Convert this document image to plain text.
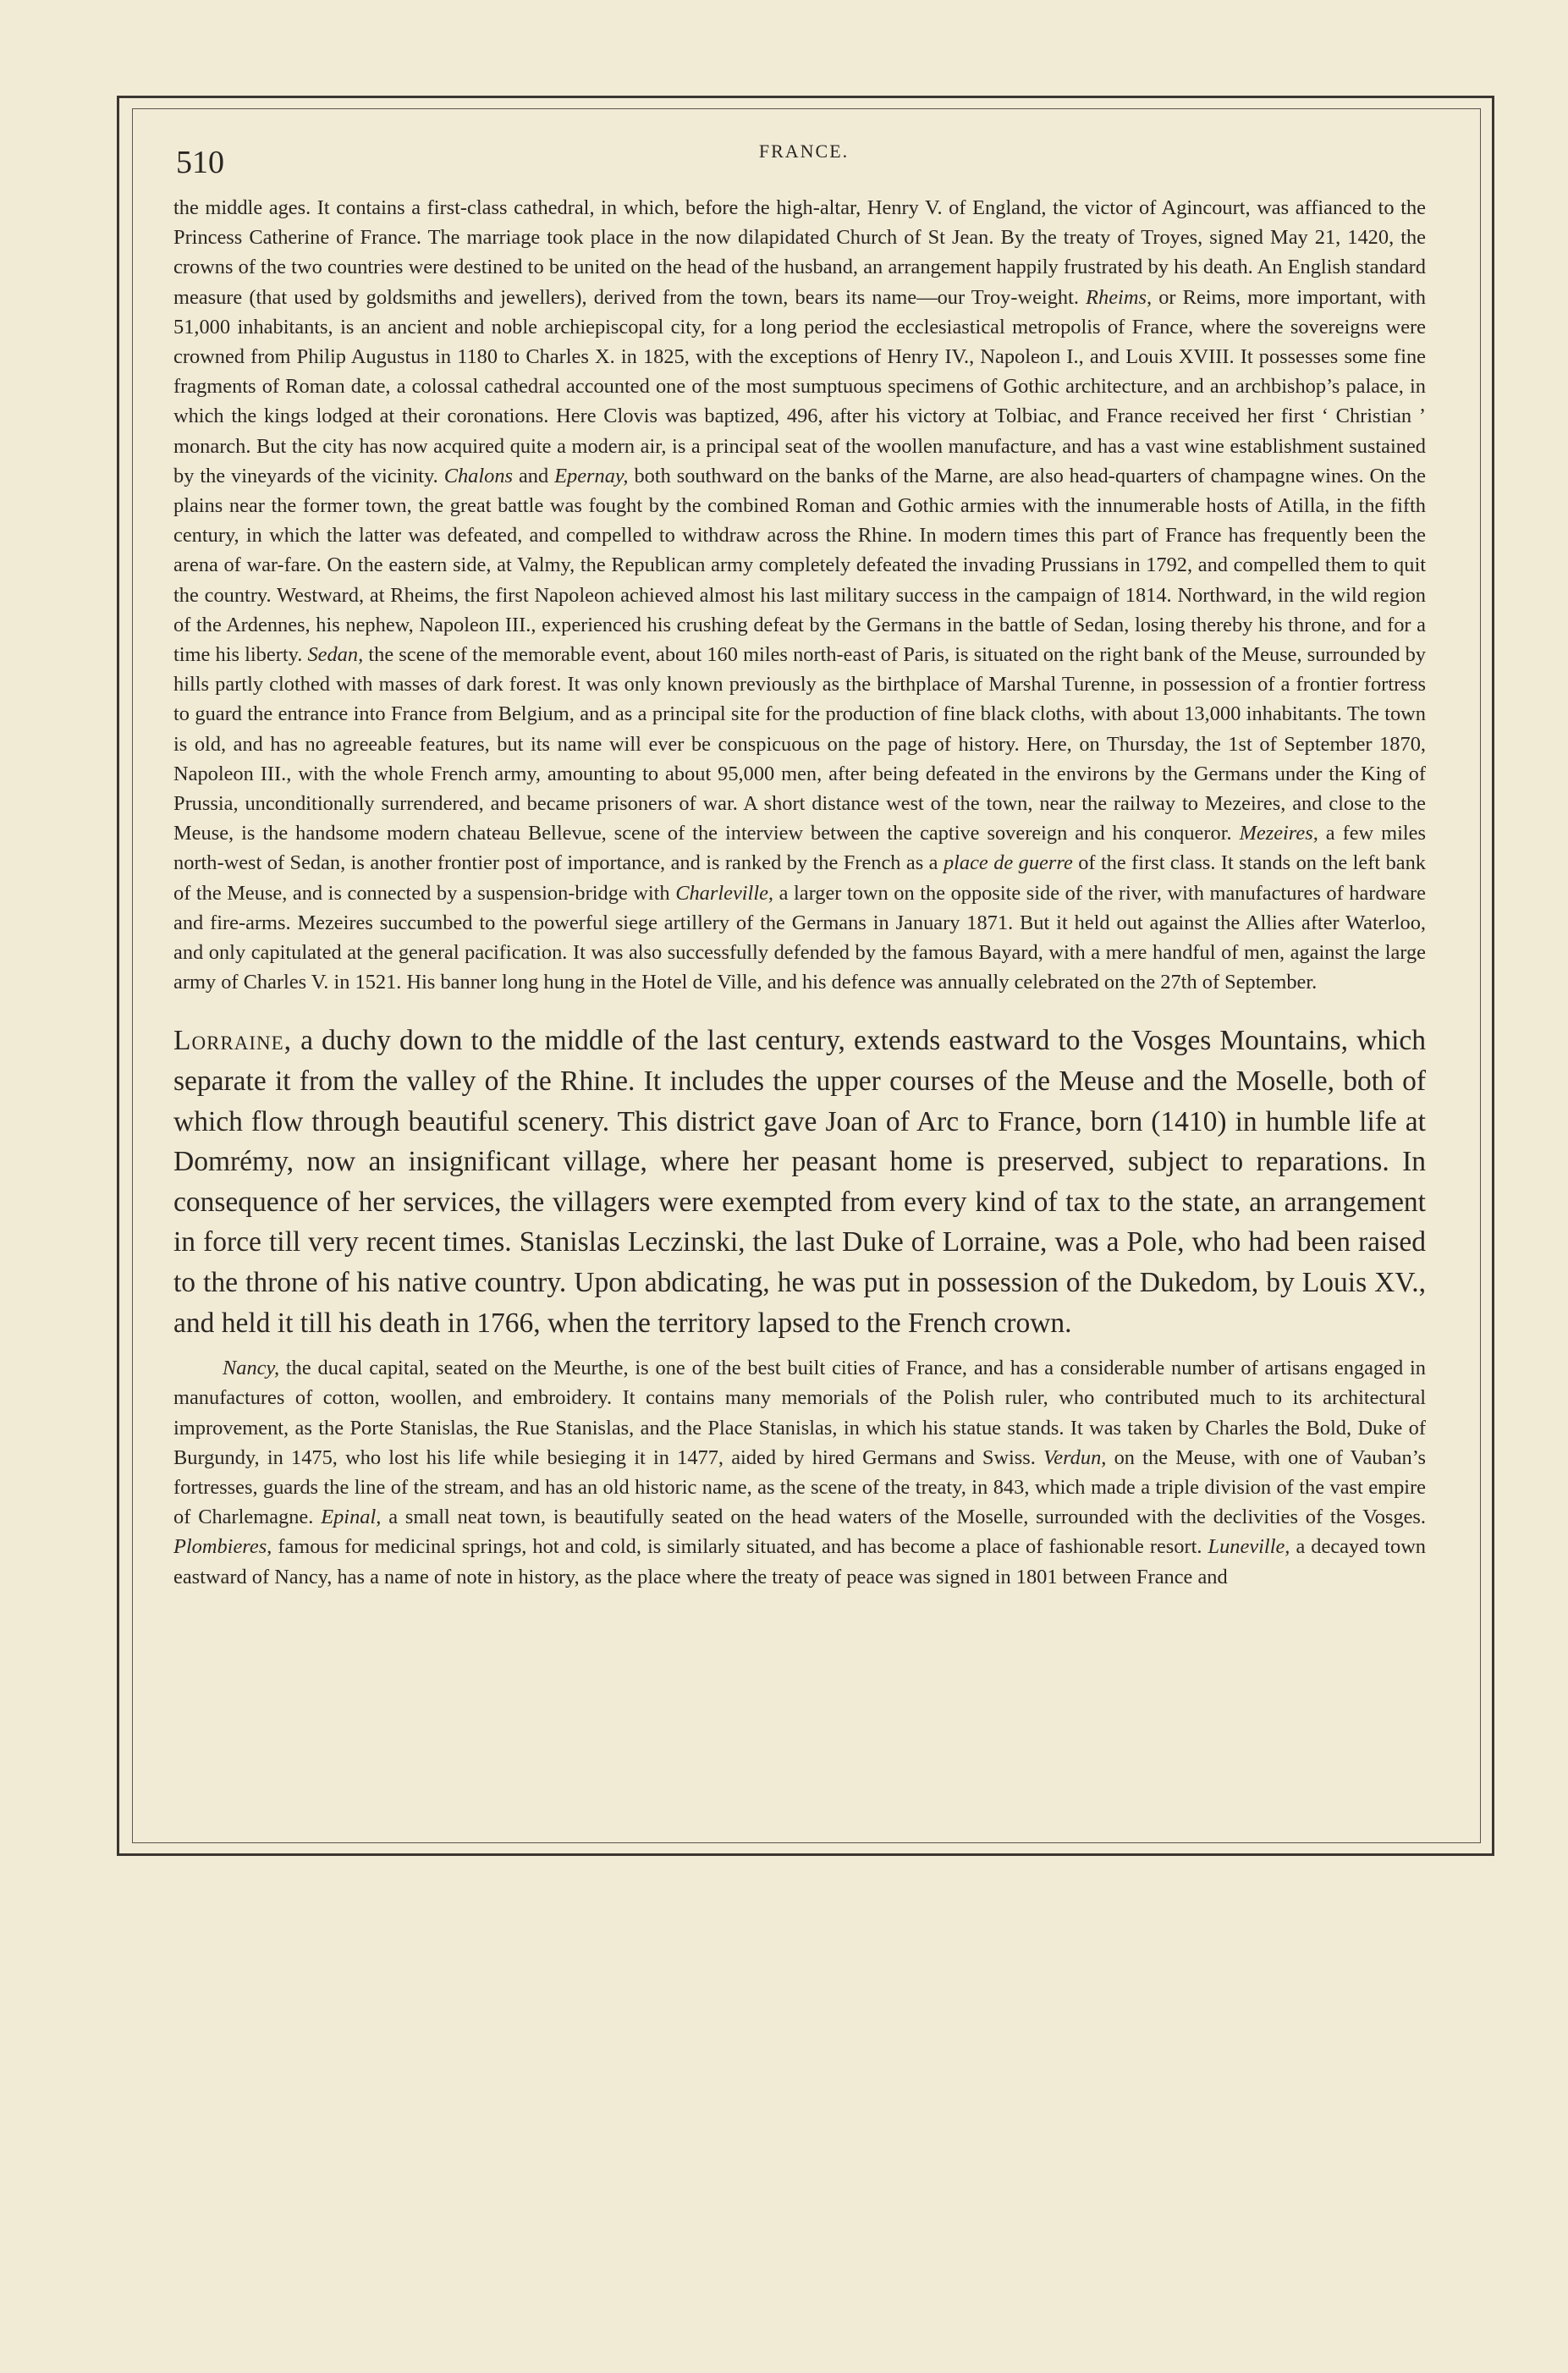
510	FRANCE.

the middle ages. It contains a first-class cathedral, in which, before the high-altar, Henry V. of England, the victor of Agincourt, was affianced to the Princess Catherine of France. The marriage took place in the now dilapidated Church of St Jean. By the treaty of Troyes, signed May 21, 1420, the crowns of the two countries were destined to be united on the head of the husband, an arrangement happily frustrated by his death. An English standard measure (that used by goldsmiths and jewellers), derived from the town, bears its name—our Troy-weight. Rheims, or Reims, more important, with 51,000 inhabitants, is an ancient and noble archiepiscopal city, for a long period the ecclesiastical metropolis of France, where the sovereigns were crowned from Philip Augustus in 1180 to Charles X. in 1825, with the exceptions of Henry IV., Napoleon I., and Louis XVIII. It possesses some fine fragments of Roman date, a colossal cathedral accounted one of the most sumptuous specimens of Gothic architecture, and an archbishop’s palace, in which the kings lodged at their coronations. Here Clovis was baptized, 496, after his victory at Tolbiac, and France received her first ‘ Christian ’ monarch. But the city has now acquired quite a modern air, is a principal seat of the woollen manufacture, and has a vast wine establishment sustained by the vineyards of the vicinity. Chalons and Epernay, both southward on the banks of the Marne, are also head-quarters of champagne wines. On the plains near the former town, the great battle was fought by the combined Roman and Gothic armies with the innumerable hosts of Atilla, in the fifth century, in which the latter was defeated, and compelled to withdraw across the Rhine. In modern times this part of France has frequently been the arena of war-fare. On the eastern side, at Valmy, the Republican army completely defeated the invading Prussians in 1792, and compelled them to quit the country. Westward, at Rheims, the first Napoleon achieved almost his last military success in the campaign of 1814. Northward, in the wild region of the Ardennes, his nephew, Napoleon III., experienced his crushing defeat by the Germans in the battle of Sedan, losing thereby his throne, and for a time his liberty. Sedan, the scene of the memorable event, about 160 miles north-east of Paris, is situated on the right bank of the Meuse, surrounded by hills partly clothed with masses of dark forest. It was only known previously as the birthplace of Marshal Turenne, in possession of a frontier fortress to guard the entrance into France from Belgium, and as a principal site for the production of fine black cloths, with about 13,000 inhabitants. The town is old, and has no agreeable features, but its name will ever be conspicuous on the page of history. Here, on Thursday, the 1st of September 1870, Napoleon III., with the whole French army, amounting to about 95,000 men, after being defeated in the environs by the Germans under the King of Prussia, unconditionally surrendered, and became prisoners of war. A short distance west of the town, near the railway to Mezeires, and close to the Meuse, is the handsome modern chateau Bellevue, scene of the interview between the captive sovereign and his conqueror. Mezeires, a few miles north-west of Sedan, is another frontier post of importance, and is ranked by the French as a place de guerre of the first class. It stands on the left bank of the Meuse, and is connected by a suspension-bridge with Charleville, a larger town on the opposite side of the river, with manufactures of hardware and fire-arms. Mezeires succumbed to the powerful siege artillery of the Germans in January 1871. But it held out against the Allies after Waterloo, and only capitulated at the general pacification. It was also successfully defended by the famous Bayard, with a mere handful of men, against the large army of Charles V. in 1521. His banner long hung in the Hotel de Ville, and his defence was annually celebrated on the 27th of September.

Lorraine, a duchy down to the middle of the last century, extends eastward to the Vosges Mountains, which separate it from the valley of the Rhine. It includes the upper courses of the Meuse and the Moselle, both of which flow through beautiful scenery. This district gave Joan of Arc to France, born (1410) in humble life at Domrémy, now an insignificant village, where her peasant home is preserved, subject to reparations. In consequence of her services, the villagers were exempted from every kind of tax to the state, an arrangement in force till very recent times. Stanislas Leczinski, the last Duke of Lorraine, was a Pole, who had been raised to the throne of his native country. Upon abdicating, he was put in possession of the Dukedom, by Louis XV., and held it till his death in 1766, when the territory lapsed to the French crown.

Nancy, the ducal capital, seated on the Meurthe, is one of the best built cities of France, and has a considerable number of artisans engaged in manufactures of cotton, woollen, and embroidery. It contains many memorials of the Polish ruler, who contributed much to its architectural improvement, as the Porte Stanislas, the Rue Stanislas, and the Place Stanislas, in which his statue stands. It was taken by Charles the Bold, Duke of Burgundy, in 1475, who lost his life while besieging it in 1477, aided by hired Germans and Swiss. Verdun, on the Meuse, with one of Vauban’s fortresses, guards the line of the stream, and has an old historic name, as the scene of the treaty, in 843, which made a triple division of the vast empire of Charlemagne. Epinal, a small neat town, is beautifully seated on the head waters of the Moselle, surrounded with the declivities of the Vosges. Plombieres, famous for medicinal springs, hot and cold, is similarly situated, and has become a place of fashionable resort. Luneville, a decayed town eastward of Nancy, has a name of note in history, as the place where the treaty of peace was signed in 1801 between France and
